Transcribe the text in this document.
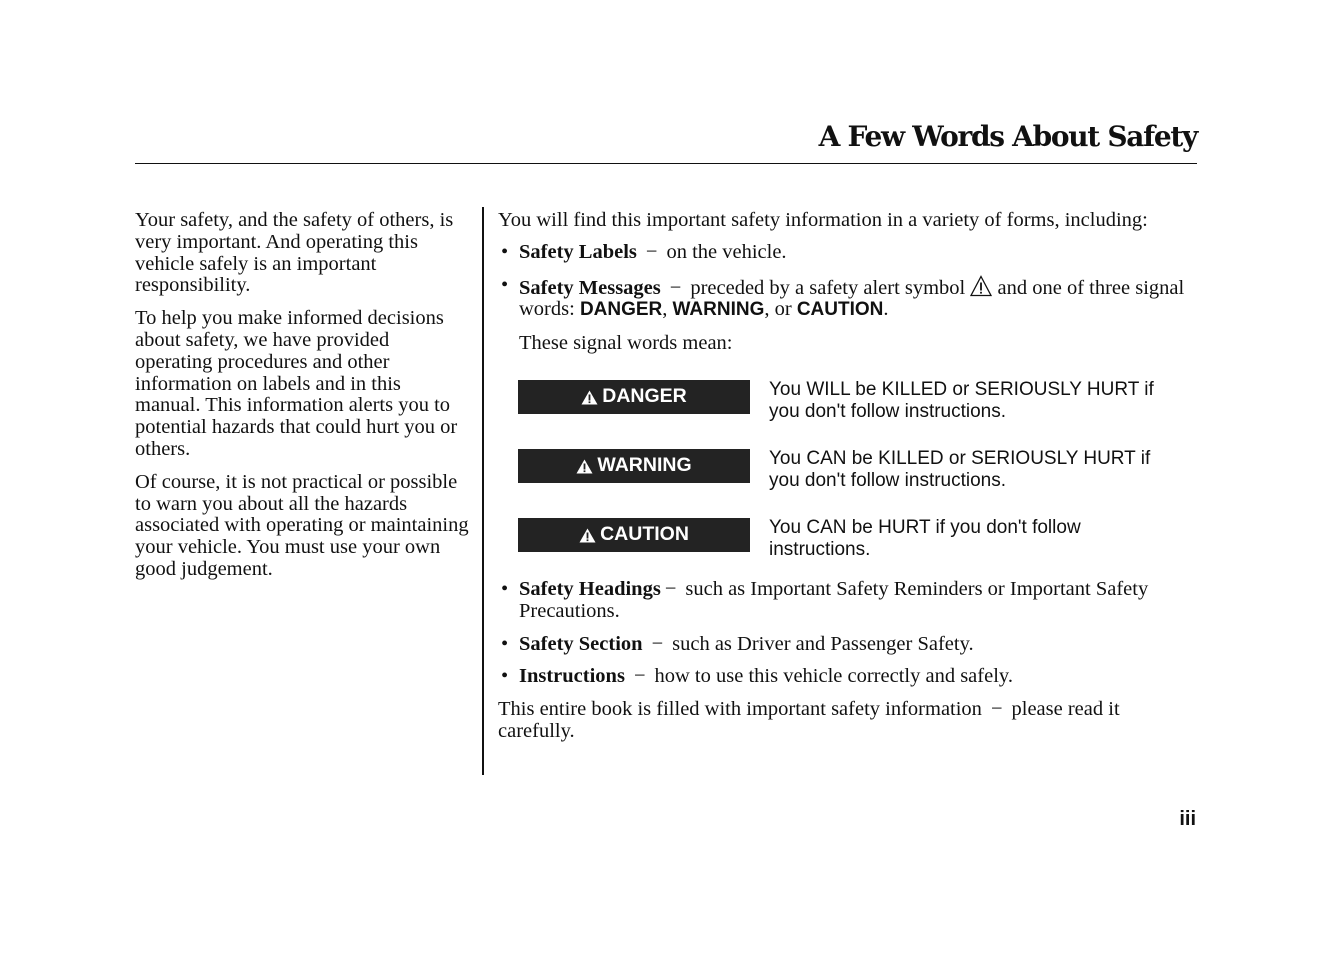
A Few Words About Safety

Your safety, and the safety of others, is very important. And operating this vehicle safely is an important responsibility.

To help you make informed decisions about safety, we have provided operating procedures and other information on labels and in this manual. This information alerts you to potential hazards that could hurt you or others.

Of course, it is not practical or possible to warn you about all the hazards associated with operating or maintaining your vehicle. You must use your own good judgement.

You will find this important safety information in a variety of forms, including:

• Safety Labels − on the vehicle.

• Safety Messages − preceded by a safety alert symbol and one of three signal words: DANGER, WARNING, or CAUTION.

These signal words mean:

DANGER	You WILL be KILLED or SERIOUSLY HURT if you don't follow instructions.
WARNING	You CAN be KILLED or SERIOUSLY HURT if you don't follow instructions.
CAUTION	You CAN be HURT if you don't follow instructions.

• Safety Headings − such as Important Safety Reminders or Important Safety Precautions.

• Safety Section − such as Driver and Passenger Safety.

• Instructions − how to use this vehicle correctly and safely.

This entire book is filled with important safety information − please read it carefully.

iii
